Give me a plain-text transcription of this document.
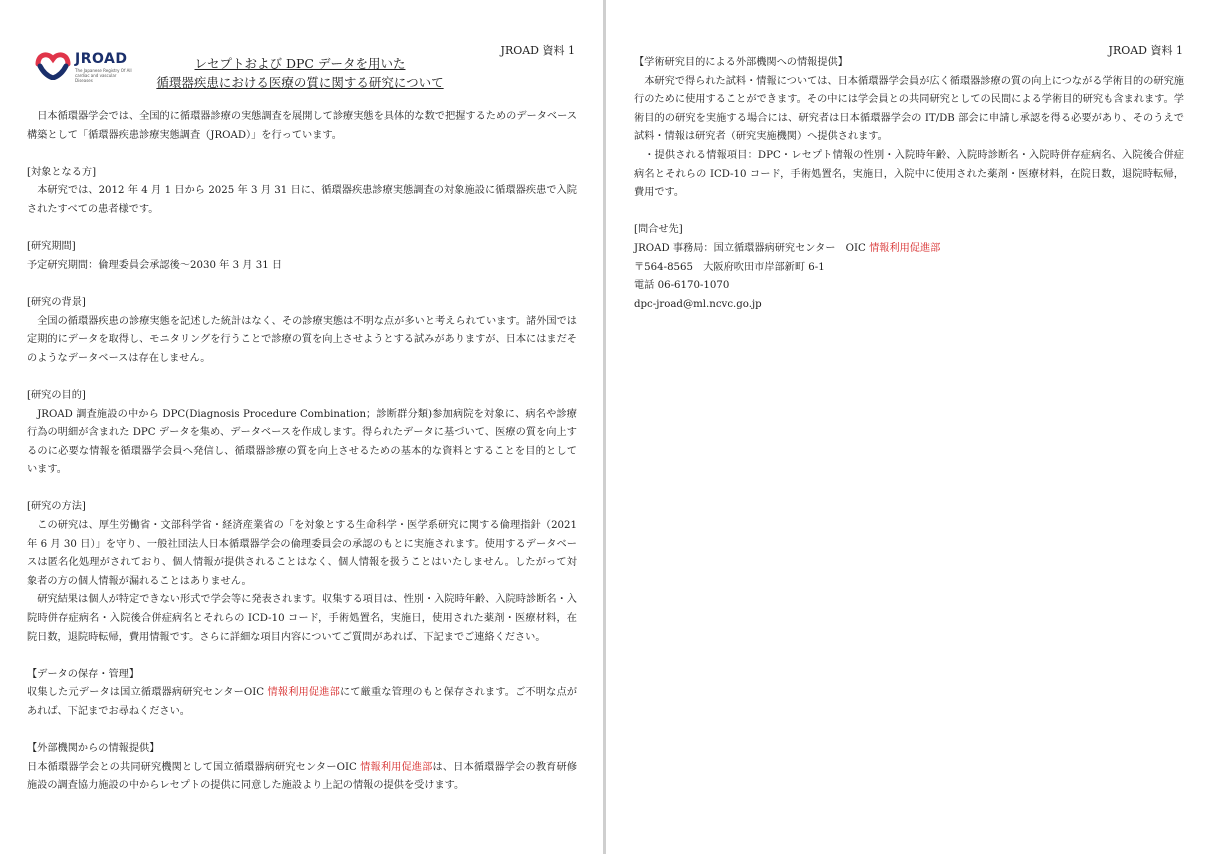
JROAD 資料 1
JROAD
The Japanese Registry Of All cardiac and vascular Diseases
レセプトおよび DPC データを用いた
循環器疾患における医療の質に関する研究について

日本循環器学会では、全国的に循環器診療の実態調査を展開して診療実態を具体的な数で把握するためのデータベース構築として「循環器疾患診療実態調査（JROAD）」を行っています。

[対象となる方]

本研究では、2012 年 4 月 1 日から 2025 年 3 月 31 日に、循環器疾患診療実態調査の対象施設に循環器疾患で入院されたすべての患者様です。

[研究期間]

予定研究期間：倫理委員会承認後～2030 年 3 月 31 日

[研究の背景]

全国の循環器疾患の診療実態を記述した統計はなく、その診療実態は不明な点が多いと考えられています。諸外国では定期的にデータを取得し、モニタリングを行うことで診療の質を向上させようとする試みがありますが、日本にはまだそのようなデータベースは存在しません。

[研究の目的]

JROAD 調査施設の中から DPC(Diagnosis Procedure Combination；診断群分類)参加病院を対象に、病名や診療行為の明細が含まれた DPC データを集め、データベースを作成します。得られたデータに基づいて、医療の質を向上するのに必要な情報を循環器学会員へ発信し、循環器診療の質を向上させるための基本的な資料とすることを目的としています。

[研究の方法]

この研究は、厚生労働省・文部科学省・経済産業省の「を対象とする生命科学・医学系研究に関する倫理指針（2021 年 6 月 30 日）」を守り、一般社団法人日本循環器学会の倫理委員会の承認のもとに実施されます。使用するデータベースは匿名化処理がされており、個人情報が提供されることはなく、個人情報を扱うことはいたしません。したがって対象者の方の個人情報が漏れることはありません。

研究結果は個人が特定できない形式で学会等に発表されます。収集する項目は、性別・入院時年齢、入院時診断名・入院時併存症病名・入院後合併症病名とそれらの ICD-10 コード，手術処置名，実施日，使用された薬剤・医療材料，在院日数，退院時転帰，費用情報です。さらに詳細な項目内容についてご質問があれば、下記までご連絡ください。

【データの保存・管理】

収集した元データは国立循環器病研究センターOIC 情報利用促進部にて厳重な管理のもと保存されます。ご不明な点があれば、下記までお尋ねください。

【外部機関からの情報提供】

日本循環器学会との共同研究機関として国立循環器病研究センターOIC 情報利用促進部は、日本循環器学会の教育研修施設の調査協力施設の中からレセプトの提供に同意した施設より上記の情報の提供を受けます。

JROAD 資料 1

【学術研究目的による外部機関への情報提供】

本研究で得られた試料・情報については、日本循環器学会員が広く循環器診療の質の向上につながる学術目的の研究施行のために使用することができます。その中には学会員との共同研究としての民間による学術目的研究も含まれます。学術目的の研究を実施する場合には、研究者は日本循環器学会の IT/DB 部会に申請し承認を得る必要があり、そのうえで試料・情報は研究者（研究実施機関）へ提供されます。

・提供される情報項目：DPC・レセプト情報の性別・入院時年齢、入院時診断名・入院時併存症病名、入院後合併症病名とそれらの ICD-10 コード，手術処置名，実施日，入院中に使用された薬剤・医療材料，在院日数，退院時転帰，費用です。

[問合せ先]

JROAD 事務局：国立循環器病研究センター　OIC 情報利用促進部

〒564-8565　大阪府吹田市岸部新町 6-1

電話 06-6170-1070

dpc-jroad@ml.ncvc.go.jp
